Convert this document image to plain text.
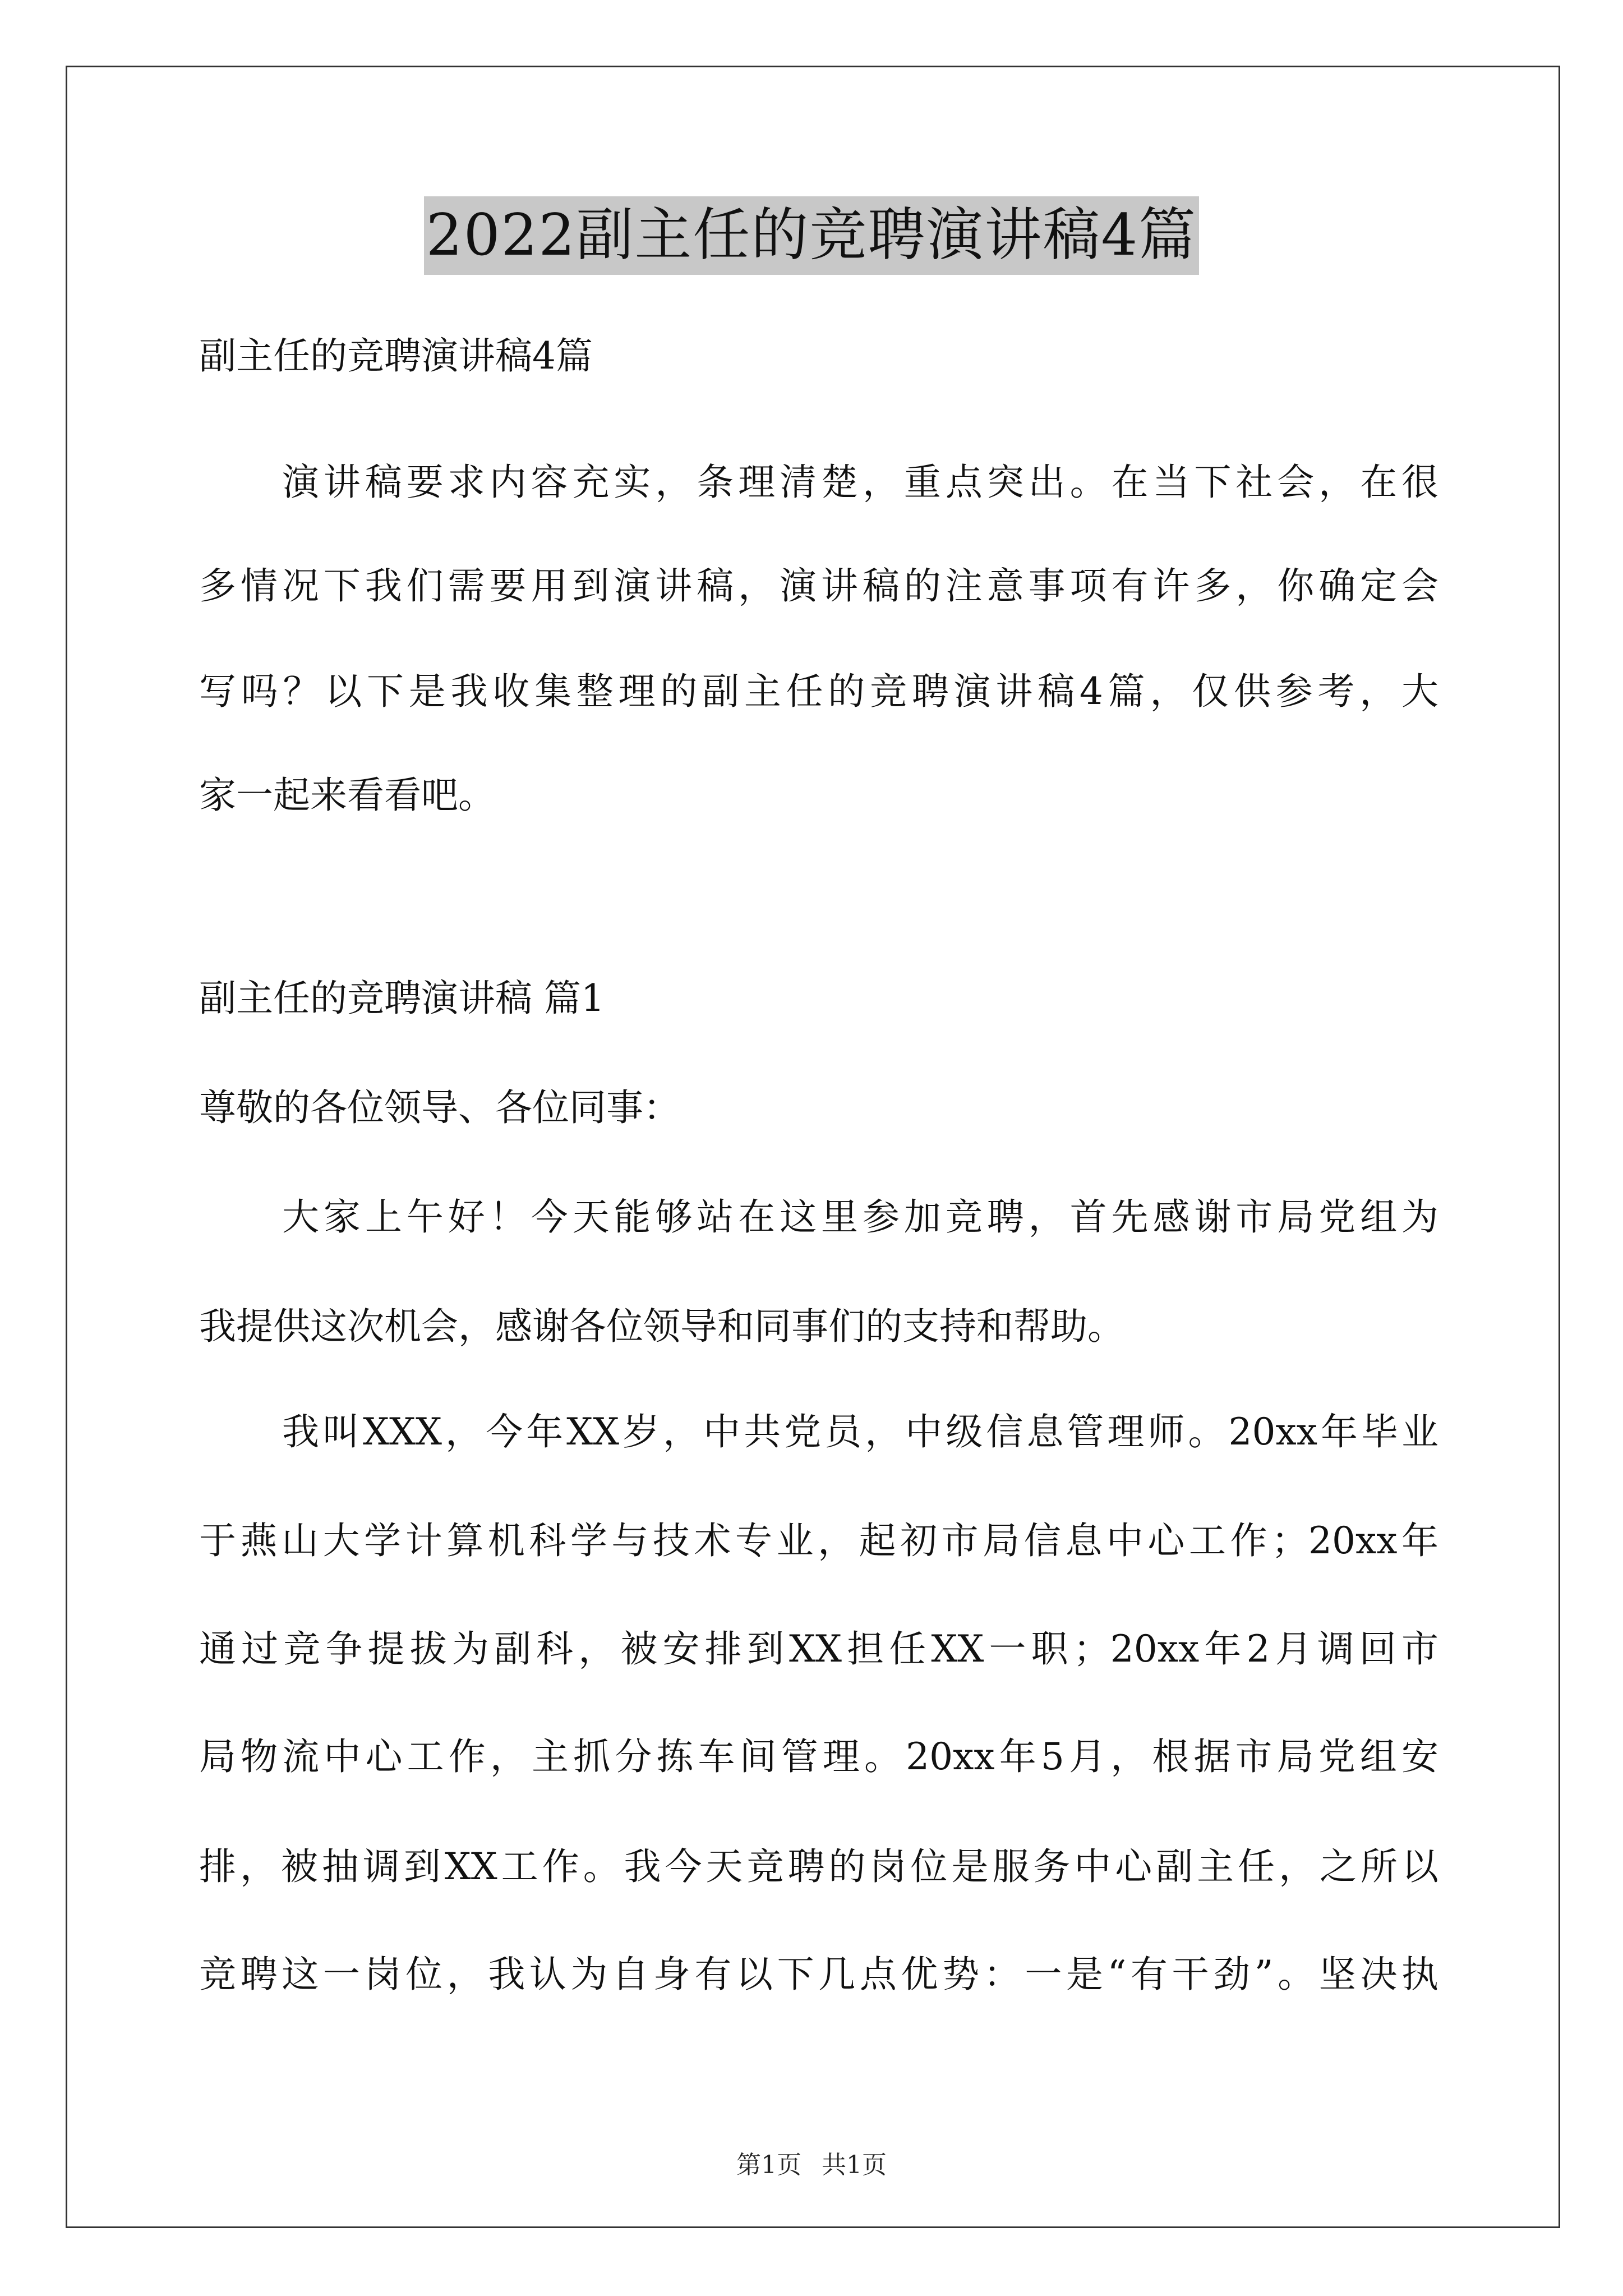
2022副主任的竞聘演讲稿4篇
副主任的竞聘演讲稿4篇
演讲稿要求内容充实，条理清楚，重点突出。在当下社会，在很
多情况下我们需要用到演讲稿，演讲稿的注意事项有许多，你确定会
写吗？以下是我收集整理的副主任的竞聘演讲稿4篇，仅供参考，大
家一起来看看吧。
副主任的竞聘演讲稿 篇1
尊敬的各位领导、各位同事：
大家上午好！今天能够站在这里参加竞聘，首先感谢市局党组为
我提供这次机会，感谢各位领导和同事们的支持和帮助。
我叫XXX，今年XX岁，中共党员，中级信息管理师。20xx年毕业
于燕山大学计算机科学与技术专业，起初市局信息中心工作；20xx年
通过竞争提拔为副科，被安排到XX担任XX一职；20xx年2月调回市
局物流中心工作，主抓分拣车间管理。20xx年5月，根据市局党组安
排，被抽调到XX工作。我今天竞聘的岗位是服务中心副主任，之所以
竞聘这一岗位，我认为自身有以下几点优势：一是“有干劲”。坚决执
第1页 共1页
